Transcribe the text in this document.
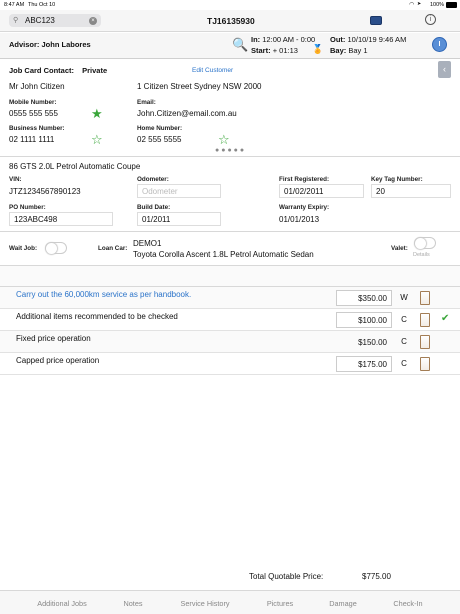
8:47 AM Thu Oct 10	◠ ➤ 100%
⚲ ABC123	×	TJ16135930	i
Advisor: John Labores	🔍 In: 12:00 AM - 0:00 Out: 10/10/19 9:46 AM
Start: + 01:13 🏅 Bay: Bay 1
Job Card Contact: Private	Edit Customer	‹
Mr John Citizen	1 Citizen Street Sydney NSW 2000
Mobile Number:
0555 555 555	★
Email:
John.Citizen@email.com.au
Business Number:
02 1111 1111	☆
Home Number:
02 555 5555	☆
●●●●●
86 GTS 2.0L Petrol Automatic Coupe
VIN:
JTZ1234567890123
Odometer:
Odometer
First Registered:
01/02/2011
Key Tag Number:
20
PO Number:
123ABC498
Build Date:
01/2011
Warranty Expiry:
01/01/2013
Wait Job:	Loan Car:
DEMO1
Toyota Corolla Ascent 1.8L Petrol Automatic Sedan
Valet:
Details
Carry out the 60,000km service as per handbook.	$350.00	W
Additional items recommended to be checked	$100.00	C	✔
Fixed price operation	$150.00	C
Capped price operation	$175.00	C
Total Quotable Price:	$775.00
Additional Jobs	Notes	Service History	Pictures	Damage	Check-In
